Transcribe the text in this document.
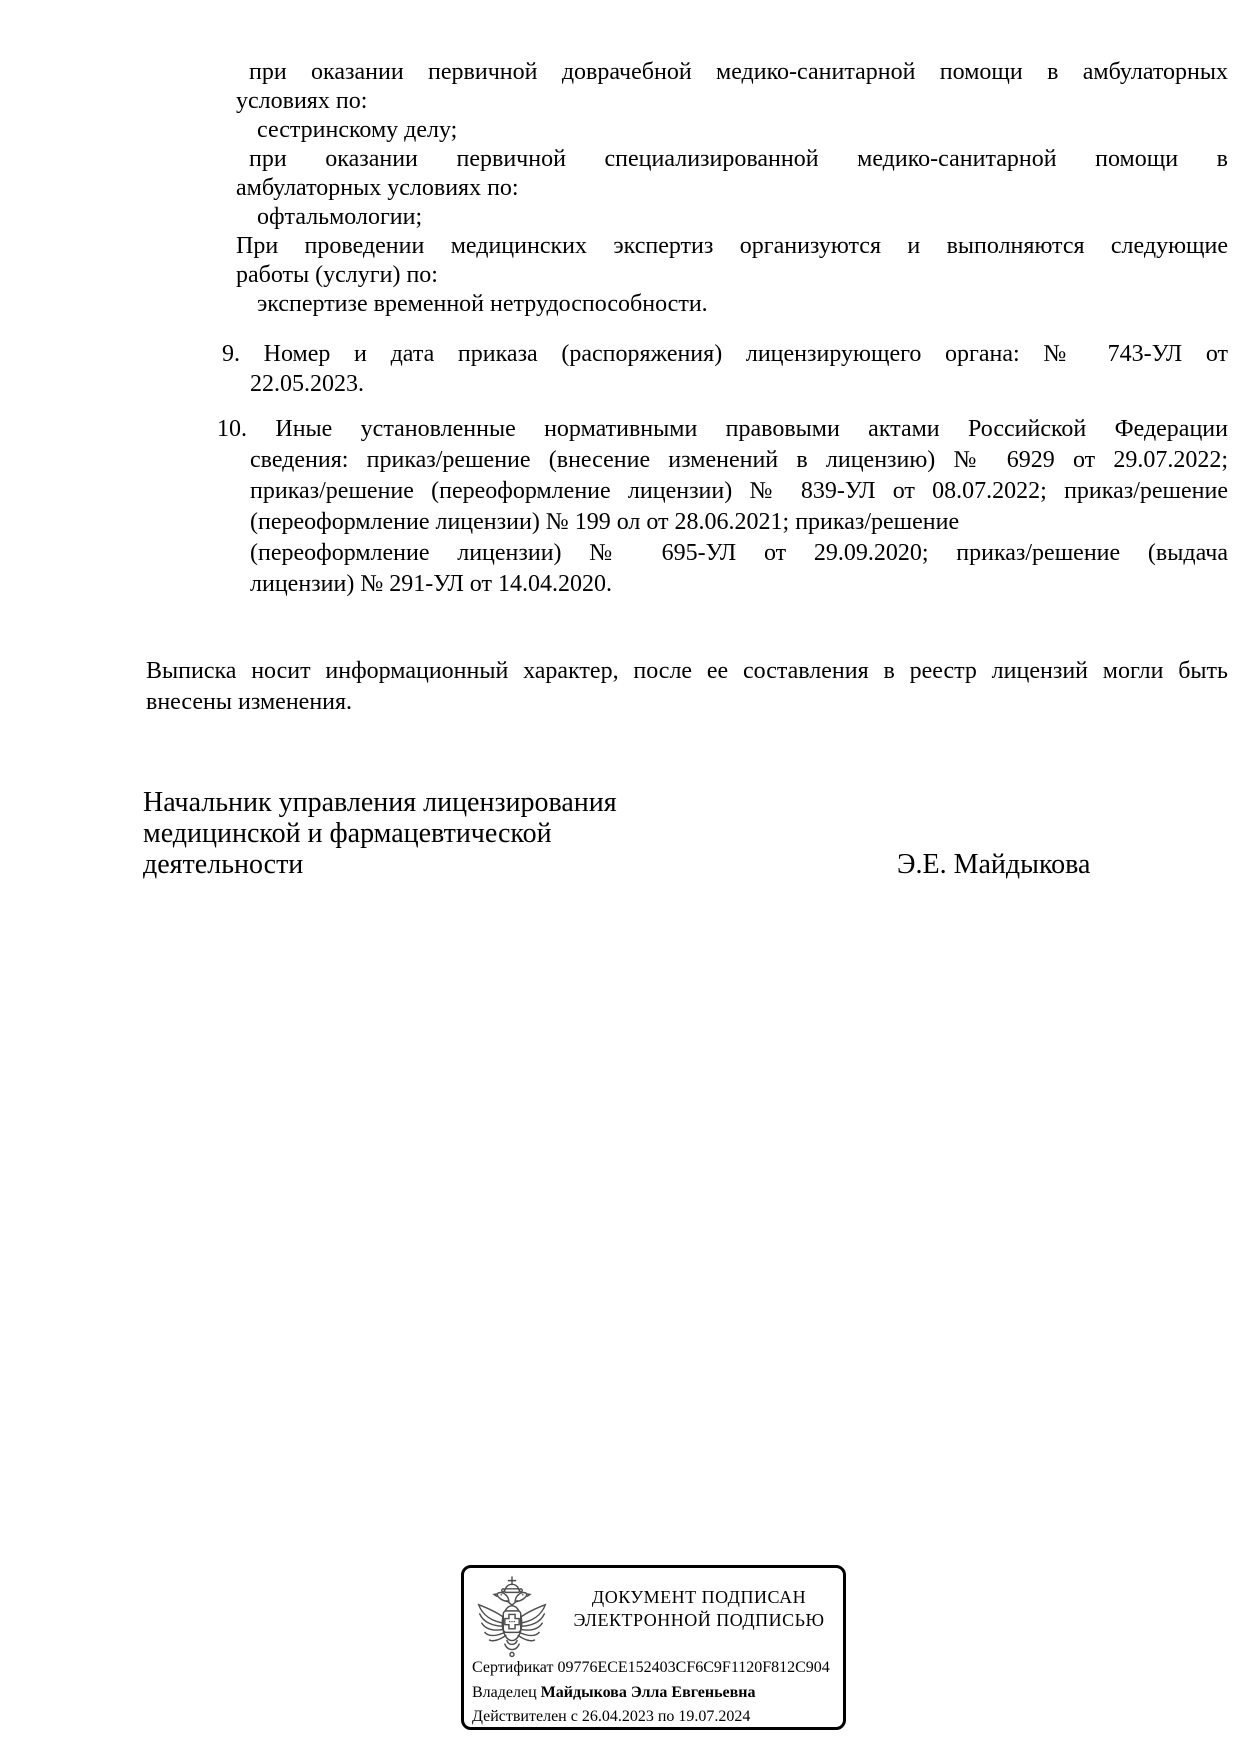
при оказании первичной доврачебной медико-санитарной помощи в амбулаторных
условиях по:
сестринскому делу;
при оказании первичной специализированной медико-санитарной помощи в
амбулаторных условиях по:
офтальмологии;
При проведении медицинских экспертиз организуются и выполняются следующие
работы (услуги) по:
экспертизе временной нетрудоспособности.
9. Номер и дата приказа (распоряжения) лицензирующего органа: № 743-УЛ от
22.05.2023.
10. Иные установленные нормативными правовыми актами Российской Федерации
сведения: приказ/решение (внесение изменений в лицензию) № 6929 от 29.07.2022;
приказ/решение (переоформление лицензии) № 839-УЛ от 08.07.2022; приказ/решение
(переоформление лицензии) № 199 ол от 28.06.2021; приказ/решение
(переоформление лицензии) № 695-УЛ от 29.09.2020; приказ/решение (выдача
лицензии) № 291-УЛ от 14.04.2020.
Выписка носит информационный характер, после ее составления в реестр лицензий могли быть
внесены изменения.
Начальник управления лицензирования
медицинской и фармацевтической
деятельности	Э.Е. Майдыкова
ДОКУМЕНТ ПОДПИСАН
ЭЛЕКТРОННОЙ ПОДПИСЬЮ
Сертификат 09776ECE152403CF6C9F1120F812C904
Владелец Майдыкова Элла Евгеньевна
Действителен с 26.04.2023 по 19.07.2024
